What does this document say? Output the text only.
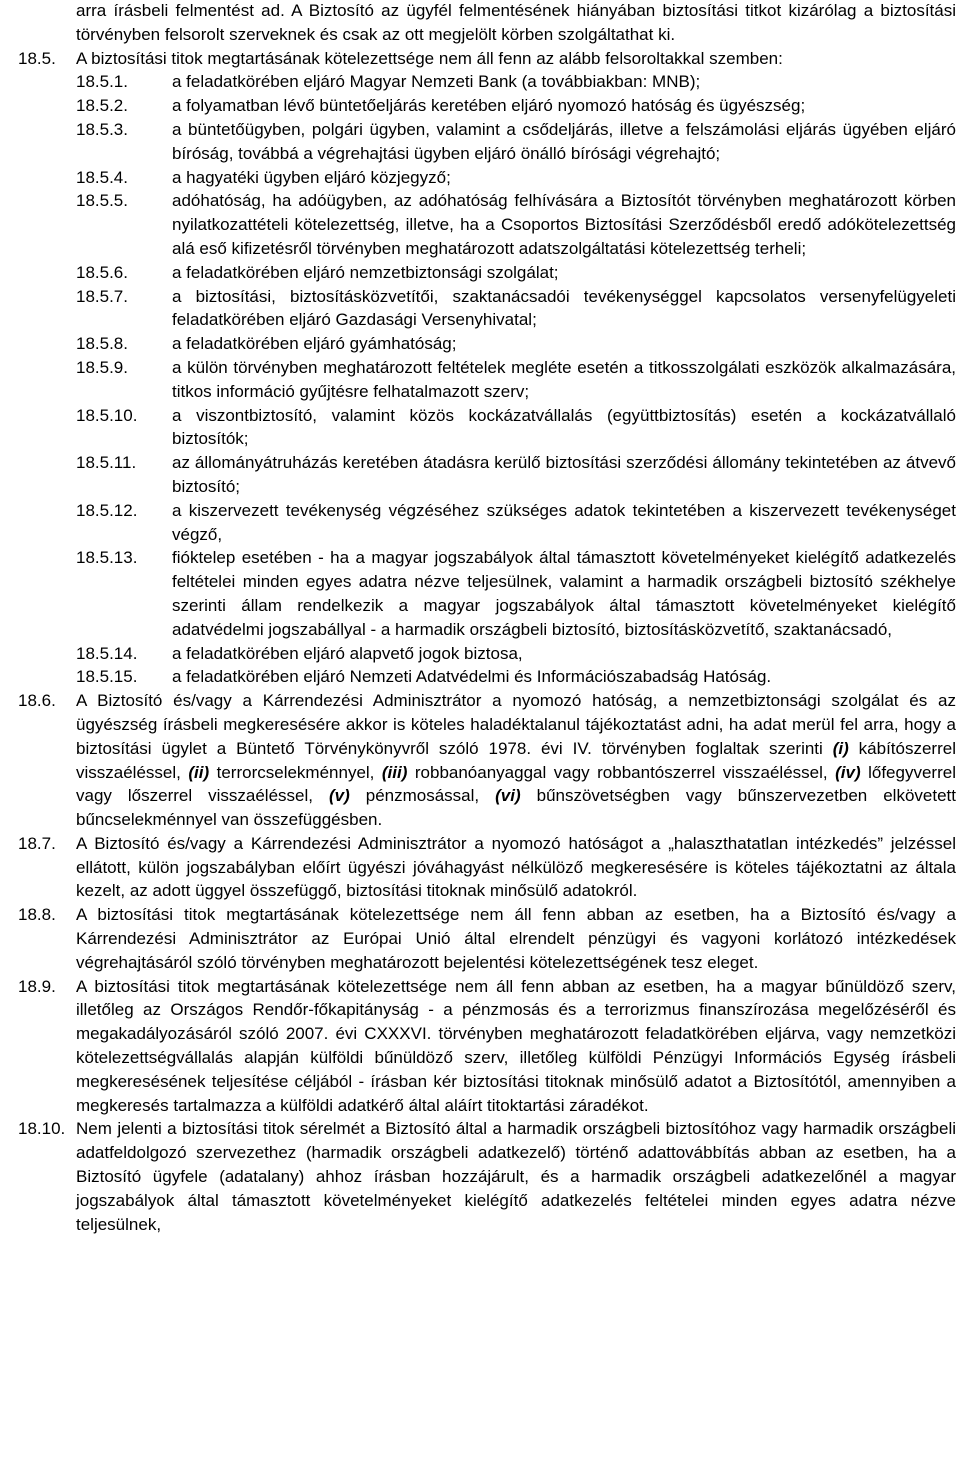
arra írásbeli felmentést ad. A Biztosító az ügyfél felmentésének hiányában biztosítási titkot kizárólag a biztosítási törvényben felsorolt szerveknek és csak az ott megjelölt körben szolgáltathat ki.
18.5. A biztosítási titok megtartásának kötelezettsége nem áll fenn az alább felsoroltakkal szemben:
18.5.1.	a feladatkörében eljáró Magyar Nemzeti Bank (a továbbiakban: MNB);
18.5.2.	a folyamatban lévő büntetőeljárás keretében eljáró nyomozó hatóság és ügyészség;
18.5.3.	a büntetőügyben, polgári ügyben, valamint a csődeljárás, illetve a felszámolási eljárás ügyében eljáró bíróság, továbbá a végrehajtási ügyben eljáró önálló bírósági végrehajtó;
18.5.4.	a hagyatéki ügyben eljáró közjegyző;
18.5.5.	adóhatóság, ha adóügyben, az adóhatóság felhívására a Biztosítót törvényben meghatározott körben nyilatkozattételi kötelezettség, illetve, ha a Csoportos Biztosítási Szerződésből eredő adókötelezettség alá eső kifizetésről törvényben meghatározott adatszolgáltatási kötelezettség terheli;
18.5.6.	a feladatkörében eljáró nemzetbiztonsági szolgálat;
18.5.7.	a biztosítási, biztosításközvetítői, szaktanácsadói tevékenységgel kapcsolatos versenyfelügyeleti feladatkörében eljáró Gazdasági Versenyhivatal;
18.5.8.	a feladatkörében eljáró gyámhatóság;
18.5.9.	a külön törvényben meghatározott feltételek megléte esetén a titkosszolgálati eszközök alkalmazására, titkos információ gyűjtésre felhatalmazott szerv;
18.5.10. a viszontbiztosító, valamint közös kockázatvállalás (együttbiztosítás) esetén a kockázatvállaló biztosítók;
18.5.11. az állományátruházás keretében átadásra kerülő biztosítási szerződési állomány tekintetében az átvevő biztosító;
18.5.12. a kiszervezett tevékenység végzéséhez szükséges adatok tekintetében a kiszervezett tevékenységet végző,
18.5.13. fióktelep esetében - ha a magyar jogszabályok által támasztott követelményeket kielégítő adatkezelés feltételei minden egyes adatra nézve teljesülnek, valamint a harmadik országbeli biztosító székhelye szerinti állam rendelkezik a magyar jogszabályok által támasztott követelményeket kielégítő adatvédelmi jogszabállyal - a harmadik országbeli biztosító, biztosításközvetítő, szaktanácsadó,
18.5.14. a feladatkörében eljáró alapvető jogok biztosa,
18.5.15. a feladatkörében eljáró Nemzeti Adatvédelmi és Információszabadság Hatóság.
18.6. A Biztosító és/vagy a Kárrendezési Adminisztrátor a nyomozó hatóság, a nemzetbiztonsági szolgálat és az ügyészség írásbeli megkeresésére akkor is köteles haladéktalanul tájékoztatást adni, ha adat merül fel arra, hogy a biztosítási ügylet a Büntető Törvénykönyvről szóló 1978. évi IV. törvényben foglaltak szerinti (i) kábítószerrel visszaéléssel, (ii) terrorcselekménnyel, (iii) robbanóanyaggal vagy robbantószerrel visszaéléssel, (iv) lőfegyverrel vagy lőszerrel visszaéléssel, (v) pénzmosással, (vi) bűnszövetségben vagy bűnszervezetben elkövetett bűncselekménnyel van összefüggésben.
18.7. A Biztosító és/vagy a Kárrendezési Adminisztrátor a nyomozó hatóságot a „halaszthatatlan intézkedés” jelzéssel ellátott, külön jogszabályban előírt ügyészi jóváhagyást nélkülöző megkeresésére is köteles tájékoztatni az általa kezelt, az adott üggyel összefüggő, biztosítási titoknak minősülő adatokról.
18.8. A biztosítási titok megtartásának kötelezettsége nem áll fenn abban az esetben, ha a Biztosító és/vagy a Kárrendezési Adminisztrátor az Európai Unió által elrendelt pénzügyi és vagyoni korlátozó intézkedések végrehajtásáról szóló törvényben meghatározott bejelentési kötelezettségének tesz eleget.
18.9. A biztosítási titok megtartásának kötelezettsége nem áll fenn abban az esetben, ha a magyar bűnüldöző szerv, illetőleg az Országos Rendőr-főkapitányság - a pénzmosás és a terrorizmus finanszírozása megelőzéséről és megakadályozásáról szóló 2007. évi CXXXVI. törvényben meghatározott feladatkörében eljárva, vagy nemzetközi kötelezettségvállalás alapján külföldi bűnüldöző szerv, illetőleg külföldi Pénzügyi Információs Egység írásbeli megkeresésének teljesítése céljából - írásban kér biztosítási titoknak minősülő adatot a Biztosítótól, amennyiben a megkeresés tartalmazza a külföldi adatkérő által aláírt titoktartási záradékot.
18.10. Nem jelenti a biztosítási titok sérelmét a Biztosító által a harmadik országbeli biztosítóhoz vagy harmadik országbeli adatfeldolgozó szervezethez (harmadik országbeli adatkezelő) történő adattovábbítás abban az esetben, ha a Biztosító ügyfele (adatalany) ahhoz írásban hozzájárult, és a harmadik országbeli adatkezelőnél a magyar jogszabályok által támasztott követelményeket kielégítő adatkezelés feltételei minden egyes adatra nézve teljesülnek,
